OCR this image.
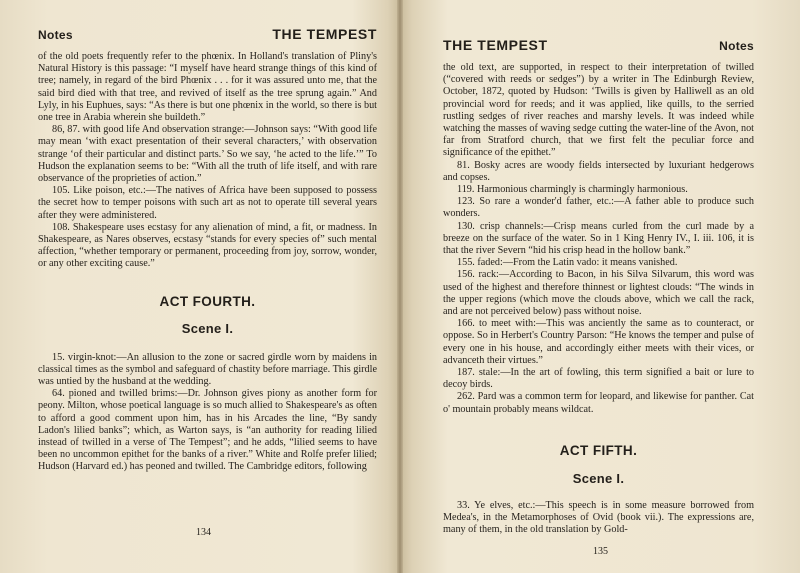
Notes	THE TEMPEST

of the old poets frequently refer to the phœnix. In Holland's translation of Pliny's Natural History is this passage: “I myself have heard strange things of this kind of tree; namely, in regard of the bird Phœnix . . . for it was assured unto me, that the said bird died with that tree, and revived of itself as the tree sprung again.” And Lyly, in his Euphues, says: “As there is but one phœnix in the world, so there is but one tree in Arabia wherein she buildeth.”

86, 87. with good life And observation strange:—Johnson says: “With good life may mean ‘with exact presentation of their several characters,’ with observation strange ‘of their particular and distinct parts.’ So we say, ‘he acted to the life.’” To Hudson the explanation seems to be: “With all the truth of life itself, and with rare observance of the proprieties of action.”

105. Like poison, etc.:—The natives of Africa have been supposed to possess the secret how to temper poisons with such art as not to operate till several years after they were administered.

108. Shakespeare uses ecstasy for any alienation of mind, a fit, or madness. In Shakespeare, as Nares observes, ecstasy “stands for every species of” such mental affection, “whether temporary or permanent, proceeding from joy, sorrow, wonder, or any other exciting cause.”

ACT FOURTH.
Scene I.

15. virgin-knot:—An allusion to the zone or sacred girdle worn by maidens in classical times as the symbol and safeguard of chastity before marriage. This girdle was untied by the husband at the wedding.

64. pioned and twilled brims:—Dr. Johnson gives piony as another form for peony. Milton, whose poetical language is so much allied to Shakespeare's as often to afford a good comment upon him, has in his Arcades the line, “By sandy Ladon's lilied banks”; which, as Warton says, is “an authority for reading lilied instead of twilled in a verse of The Tempest”; and he adds, “lilied seems to have been no uncommon epithet for the banks of a river.” White and Rolfe prefer lilied; Hudson (Harvard ed.) has peoned and twilled. The Cambridge editors, following

134
THE TEMPEST	Notes

the old text, are supported, in respect to their interpretation of twilled (“covered with reeds or sedges”) by a writer in The Edinburgh Review, October, 1872, quoted by Hudson: ‘Twills is given by Halliwell as an old provincial word for reeds; and it was applied, like quills, to the serried rustling sedges of river reaches and marshy levels. It was indeed while watching the masses of waving sedge cutting the water-line of the Avon, not far from Stratford church, that we first felt the peculiar force and significance of the epithet.”

81. Bosky acres are woody fields intersected by luxuriant hedgerows and copses.

119. Harmonious charmingly is charmingly harmonious.

123. So rare a wonder'd father, etc.:—A father able to produce such wonders.

130. crisp channels:—Crisp means curled from the curl made by a breeze on the surface of the water. So in 1 King Henry IV., I. iii. 106, it is that the river Severn “hid his crisp head in the hollow bank.”

155. faded:—From the Latin vado: it means vanished.

156. rack:—According to Bacon, in his Silva Silvarum, this word was used of the highest and therefore thinnest or lightest clouds: “The winds in the upper regions (which move the clouds above, which we call the rack, and are not perceived below) pass without noise.

166. to meet with:—This was anciently the same as to counteract, or oppose. So in Herbert's Country Parson: “He knows the temper and pulse of every one in his house, and accordingly either meets with their vices, or advanceth their virtues.”

187. stale:—In the art of fowling, this term signified a bait or lure to decoy birds.

262. Pard was a common term for leopard, and likewise for panther. Cat o' mountain probably means wildcat.

ACT FIFTH.
Scene I.

33. Ye elves, etc.:—This speech is in some measure borrowed from Medea's, in the Metamorphoses of Ovid (book vii.). The expressions are, many of them, in the old translation by Gold-

135
